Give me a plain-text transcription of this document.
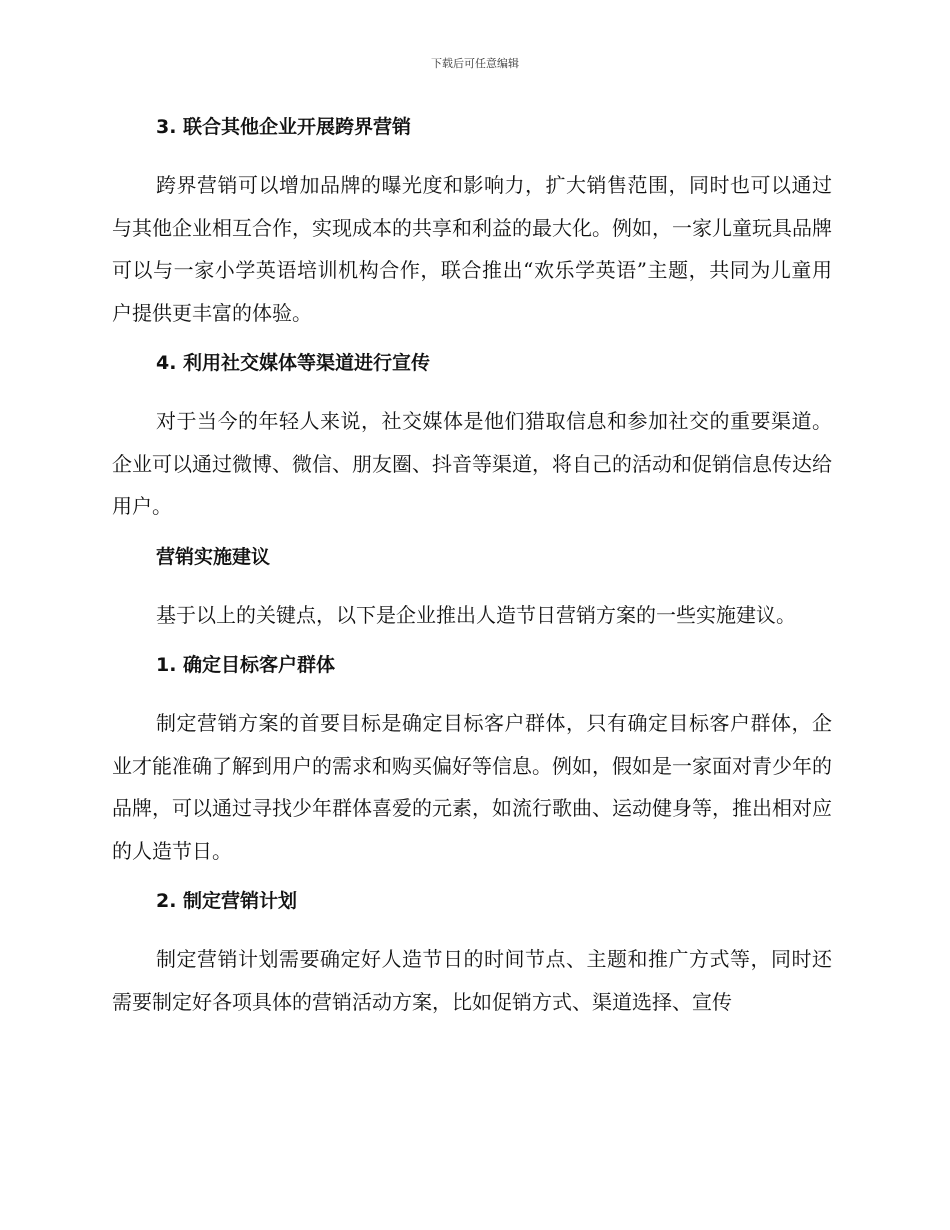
下载后可任意编辑
3. 联合其他企业开展跨界营销

跨界营销可以增加品牌的曝光度和影响力，扩大销售范围，同时也可以通过与其他企业相互合作，实现成本的共享和利益的最大化。例如，一家儿童玩具品牌可以与一家小学英语培训机构合作，联合推出“欢乐学英语”主题，共同为儿童用户提供更丰富的体验。

4. 利用社交媒体等渠道进行宣传

对于当今的年轻人来说，社交媒体是他们猎取信息和参加社交的重要渠道。企业可以通过微博、微信、朋友圈、抖音等渠道，将自己的活动和促销信息传达给用户。

营销实施建议

基于以上的关键点，以下是企业推出人造节日营销方案的一些实施建议。

1. 确定目标客户群体

制定营销方案的首要目标是确定目标客户群体，只有确定目标客户群体，企业才能准确了解到用户的需求和购买偏好等信息。例如，假如是一家面对青少年的品牌，可以通过寻找少年群体喜爱的元素，如流行歌曲、运动健身等，推出相对应的人造节日。

2. 制定营销计划

制定营销计划需要确定好人造节日的时间节点、主题和推广方式等，同时还需要制定好各项具体的营销活动方案，比如促销方式、渠道选择、宣传
